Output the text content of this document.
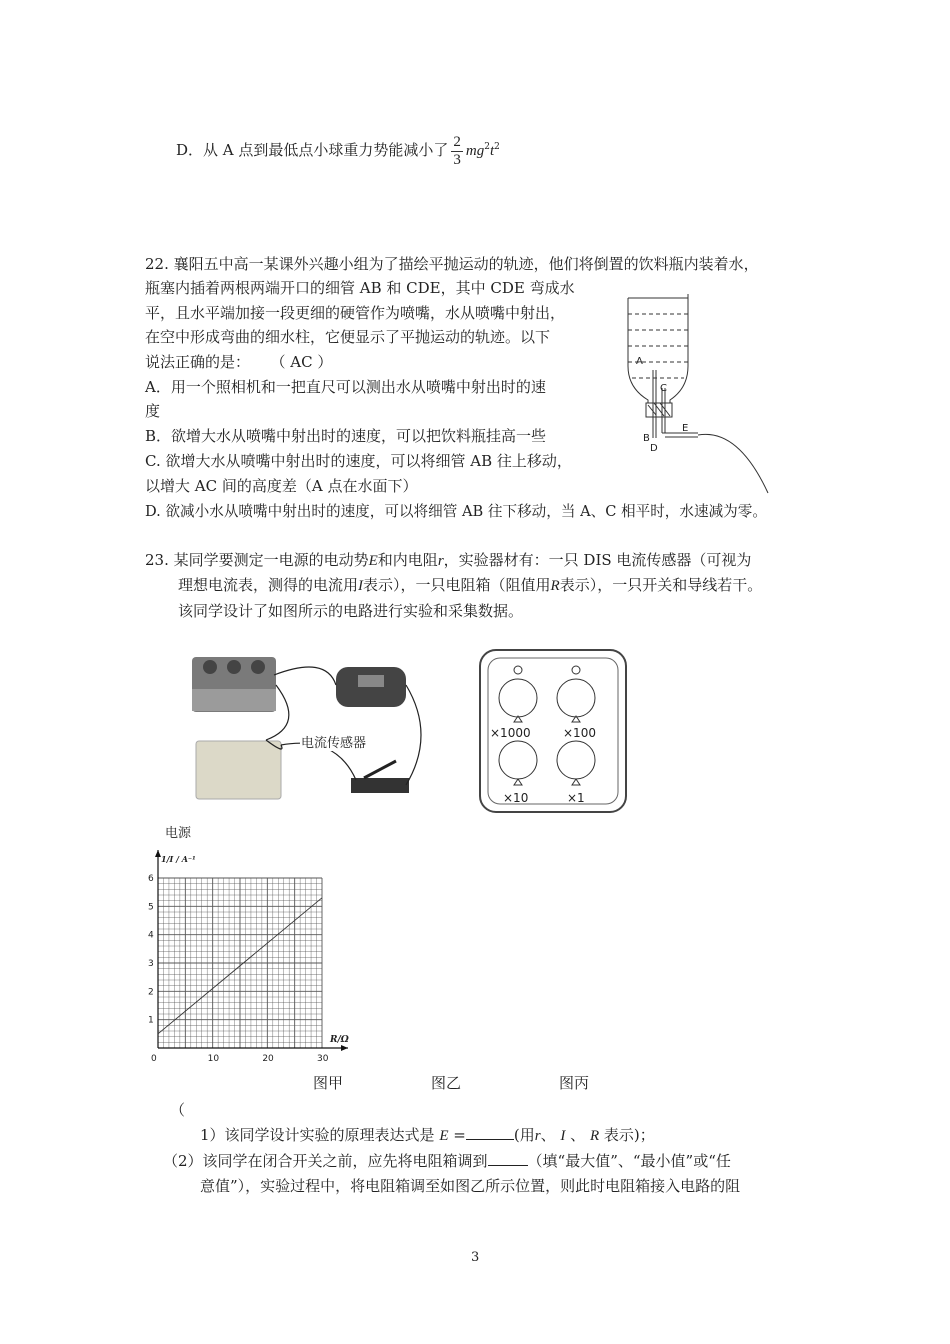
D．从 A 点到最低点小球重力势能减小了 $\frac{2}{3} mg^2t^2$
22. 襄阳五中高一某课外兴趣小组为了描绘平抛运动的轨迹，他们将倒置的饮料瓶内装着水，
瓶塞内插着两根两端开口的细管 AB 和 CDE，其中 CDE 弯成水
平，且水平端加接一段更细的硬管作为喷嘴，水从喷嘴中射出，
在空中形成弯曲的细水柱，它便显示了平抛运动的轨迹。以下
说法正确的是： （ AC ）
A．用一个照相机和一把直尺可以测出水从喷嘴中射出时的速
度
B．欲增大水从喷嘴中射出时的速度，可以把饮料瓶挂高一些
C. 欲增大水从喷嘴中射出时的速度，可以将细管 AB 往上移动，
以增大 AC 间的高度差（A 点在水面下）
D. 欲减小水从喷嘴中射出时的速度，可以将细管 AB 往下移动，当 A、C 相平时，水速减为零。
A
C
B
D
E
23. 某同学要测定一电源的电动势E和内电阻r，实验器材有：一只 DIS 电流传感器（可视为
理想电流表，测得的电流用I表示），一只电阻箱（阻值用R表示），一只开关和导线若干。
该同学设计了如图所示的电路进行实验和采集数据。
电流传感器
×1000	×100
×10	×1
电源
0	10	20	30
1
2
3
4
5
6
R/Ω
1/I / A⁻¹
图甲	图乙	图丙
（
1）该同学设计实验的原理表达式是 E =	(用r、 I 、 R 表示)；
（2）该同学在闭合开关之前，应先将电阻箱调到	（填“最大值”、“最小值”或“任
意值”），实验过程中，将电阻箱调至如图乙所示位置，则此时电阻箱接入电路的阻
3
